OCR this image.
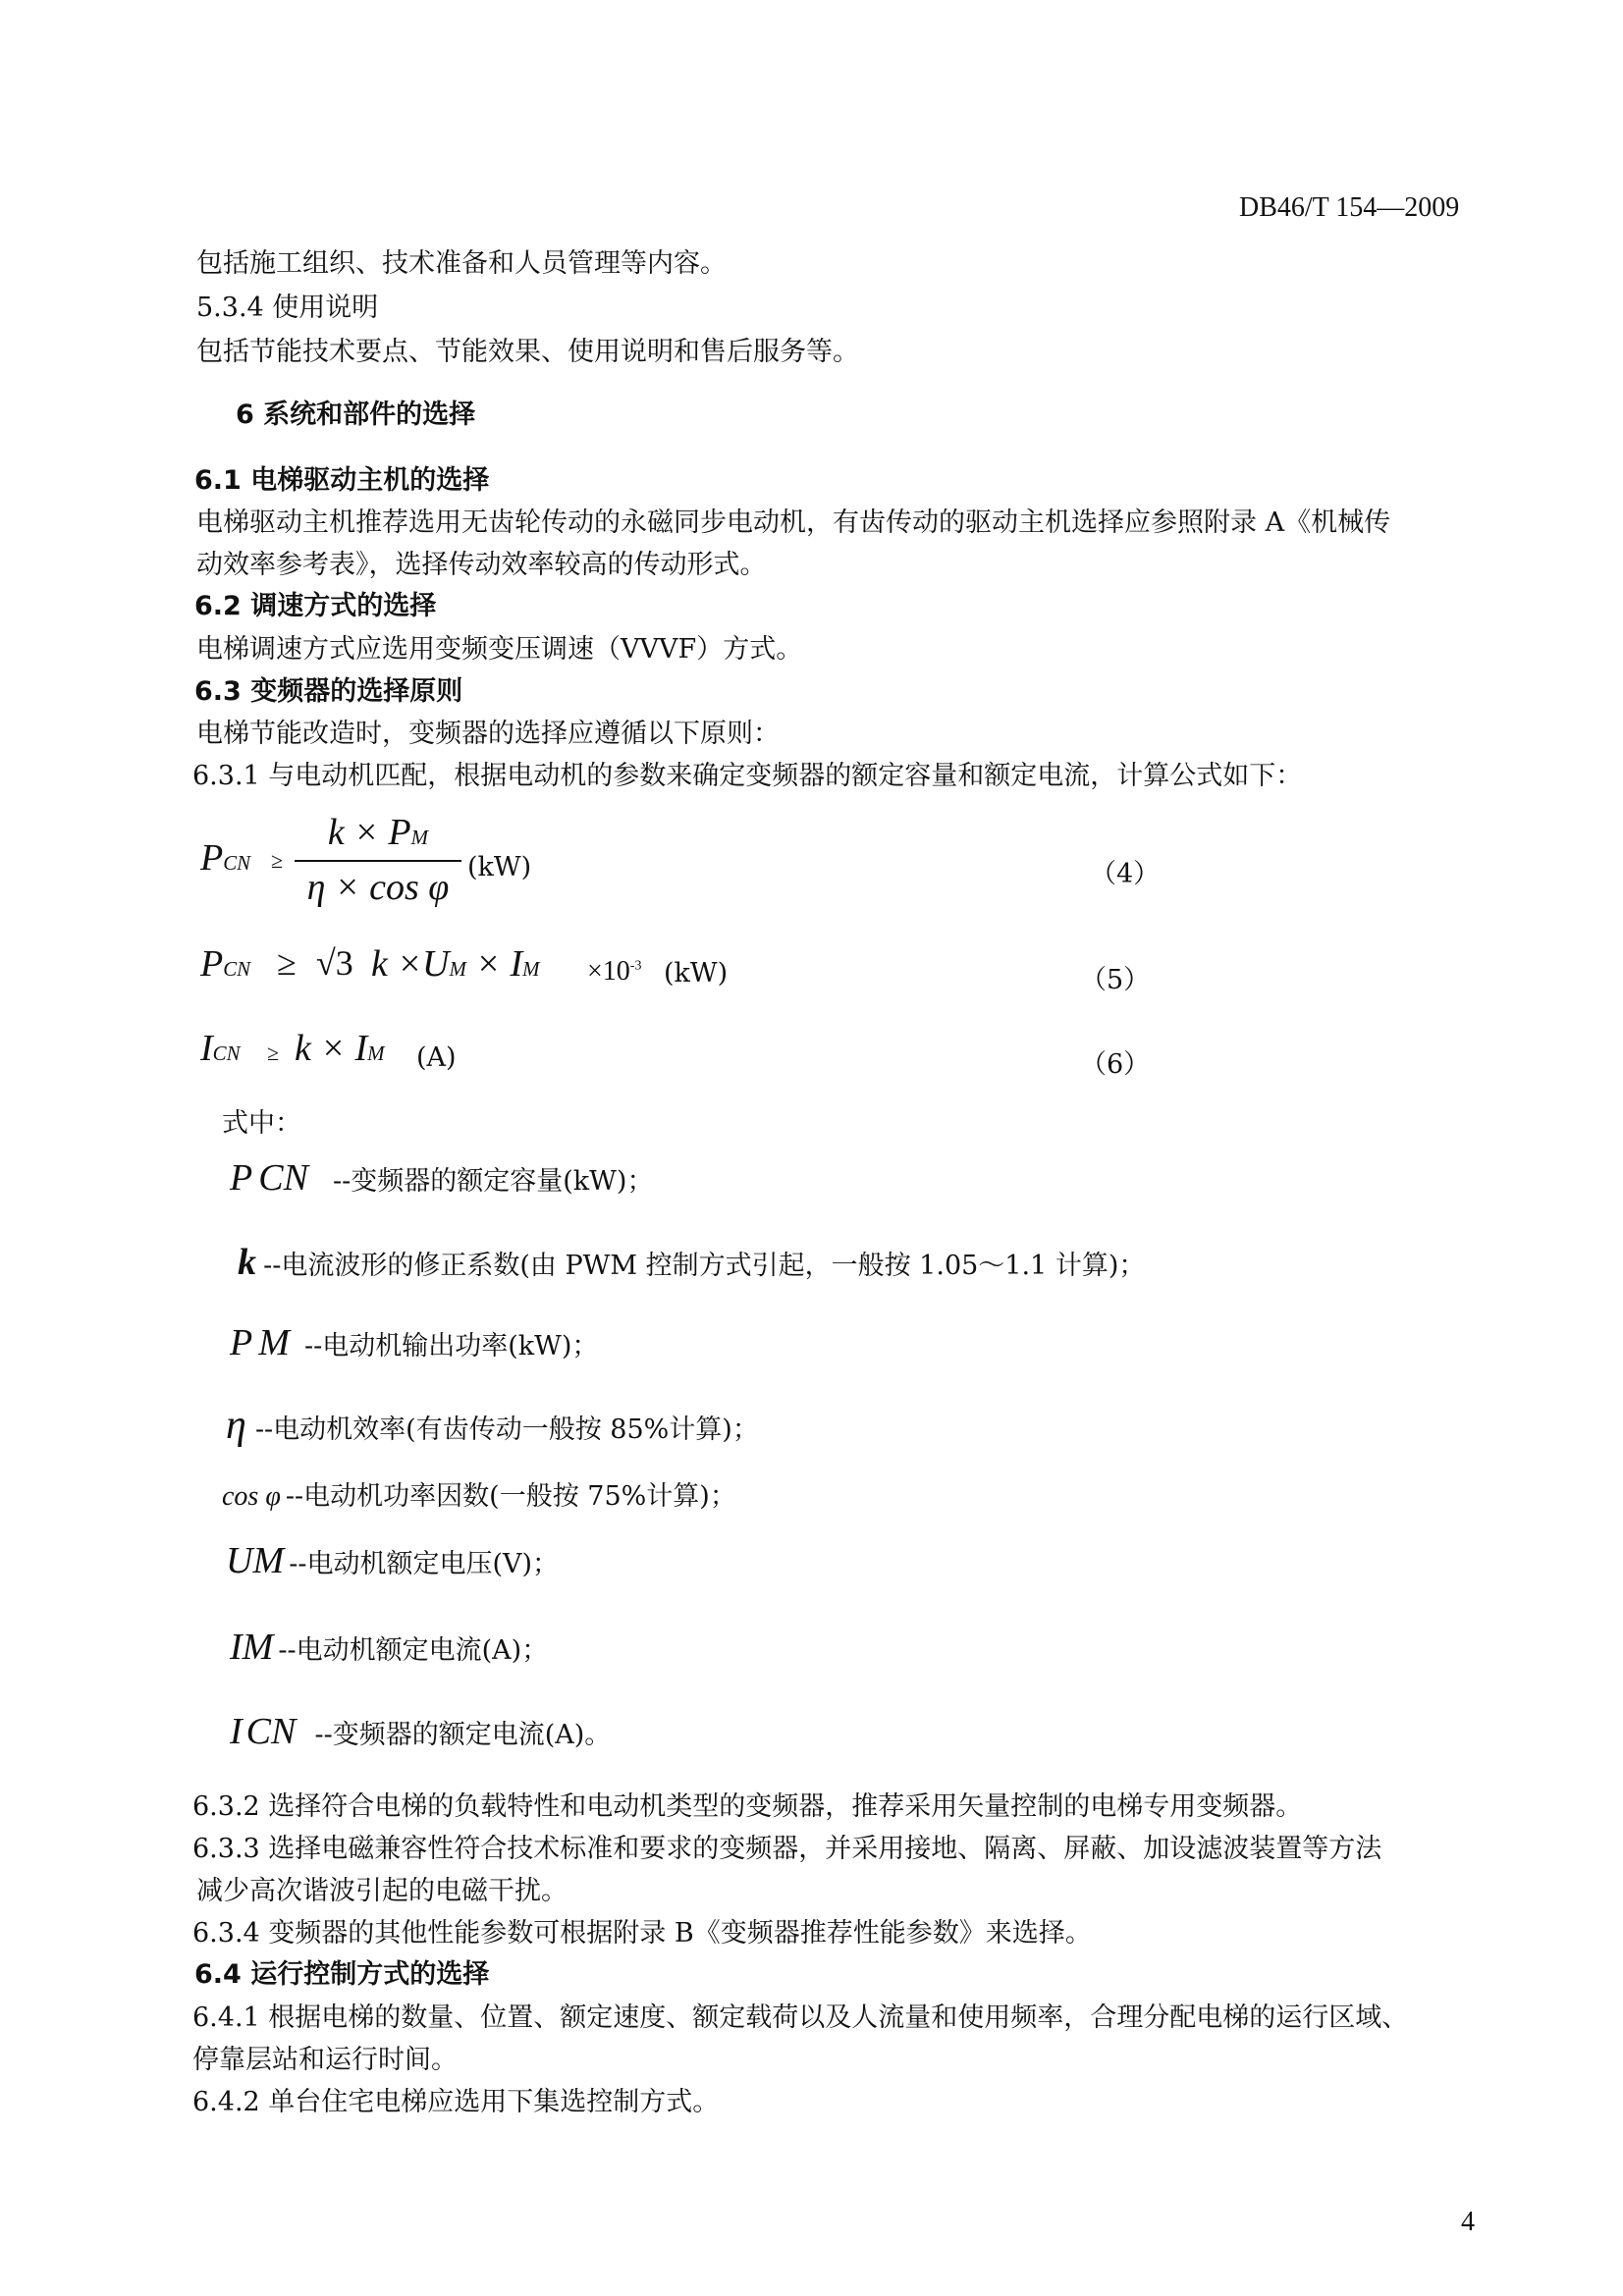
DB46/T 154—2009
包括施工组织、技术准备和人员管理等内容。
5.3.4 使用说明
包括节能技术要点、节能效果、使用说明和售后服务等。
6 系统和部件的选择
6.1 电梯驱动主机的选择
电梯驱动主机推荐选用无齿轮传动的永磁同步电动机，有齿传动的驱动主机选择应参照附录 A《机械传
动效率参考表》，选择传动效率较高的传动形式。
6.2 调速方式的选择
电梯调速方式应选用变频变压调速（VVVF）方式。
6.3 变频器的选择原则
电梯节能改造时，变频器的选择应遵循以下原则：
6.3.1 与电动机匹配，根据电动机的参数来确定变频器的额定容量和额定电流，计算公式如下：
PCN ≥
k × PM
η × cos φ (kW)	（4）
PCN ≥ √3 k ×UM × IM $\times 10^{-3}$ (kW)	（5）
ICN ≥ k × IM (A)	（6）
式中：
P CN --变频器的额定容量(kW)；
k --电流波形的修正系数(由 PWM 控制方式引起，一般按 1.05～1.1 计算)；
P M --电动机输出功率(kW)；
η --电动机效率(有齿传动一般按 85%计算)；
cos φ --电动机功率因数(一般按 75%计算)；
UM --电动机额定电压(V)；
IM --电动机额定电流(A)；
I CN --变频器的额定电流(A)。
6.3.2 选择符合电梯的负载特性和电动机类型的变频器，推荐采用矢量控制的电梯专用变频器。
6.3.3 选择电磁兼容性符合技术标准和要求的变频器，并采用接地、隔离、屏蔽、加设滤波装置等方法
减少高次谐波引起的电磁干扰。
6.3.4 变频器的其他性能参数可根据附录 B《变频器推荐性能参数》来选择。
6.4 运行控制方式的选择
6.4.1 根据电梯的数量、位置、额定速度、额定载荷以及人流量和使用频率，合理分配电梯的运行区域、
停靠层站和运行时间。
6.4.2 单台住宅电梯应选用下集选控制方式。
4
